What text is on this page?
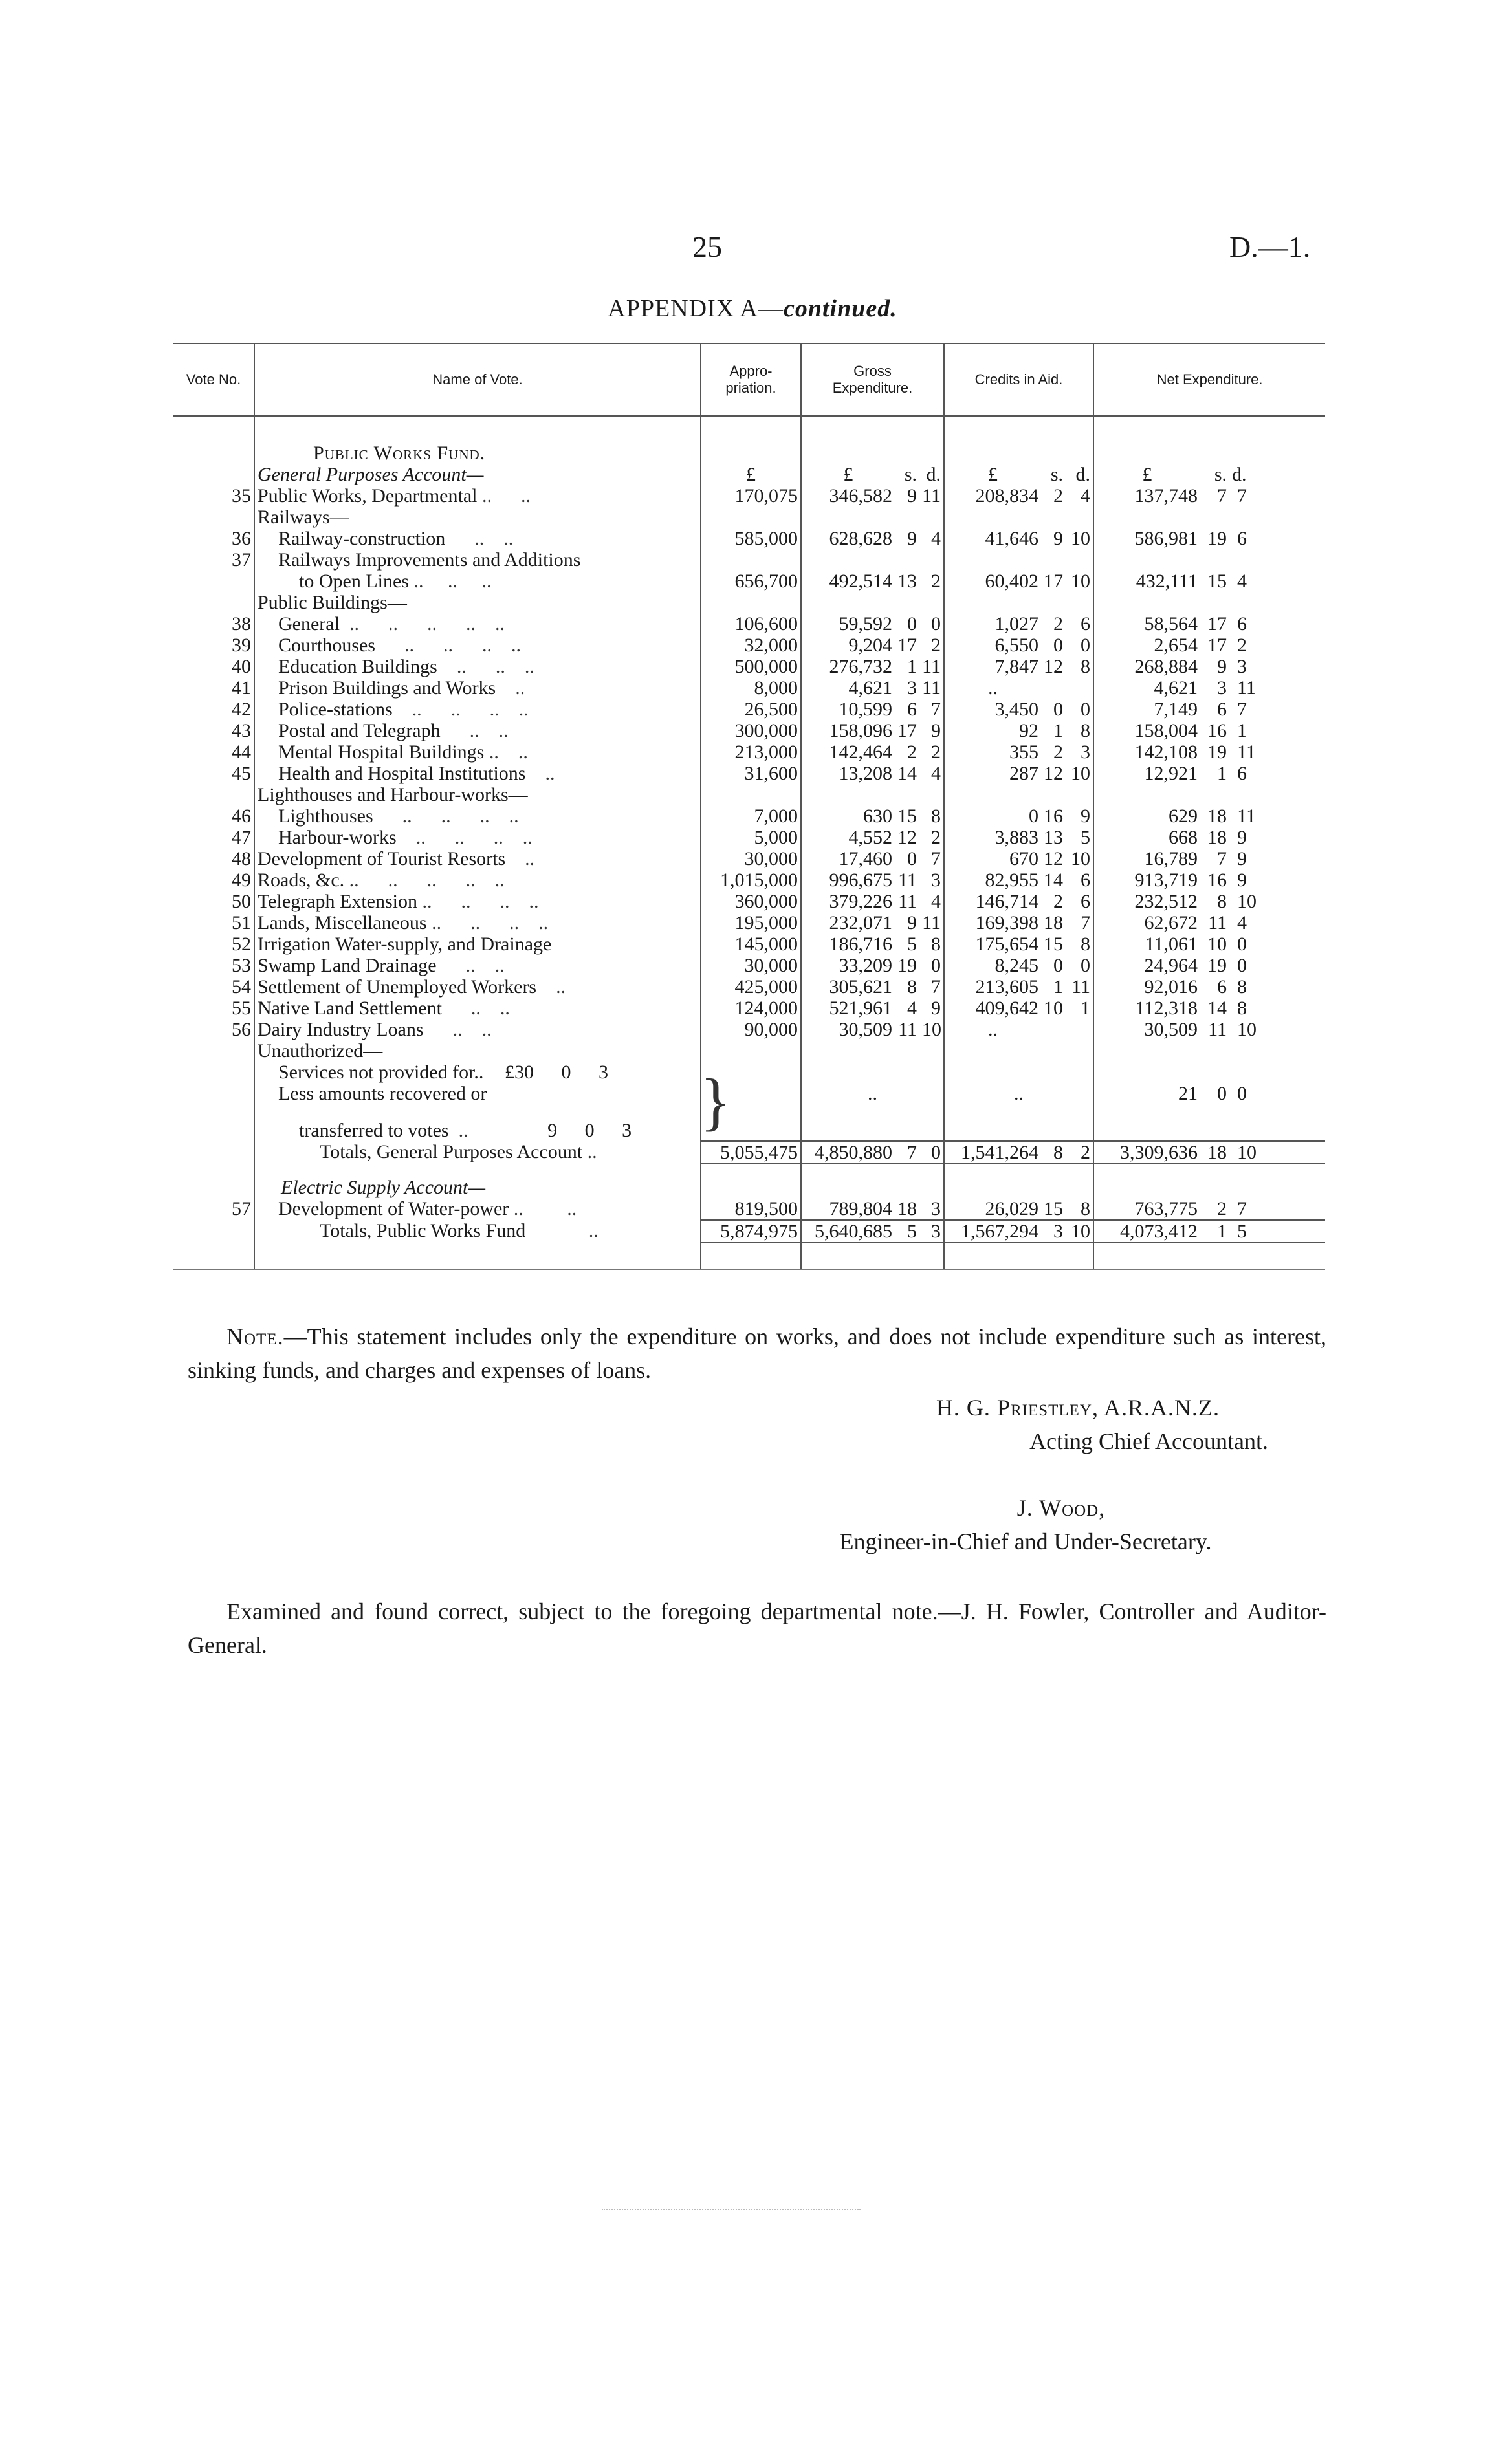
25	D.—1.
APPENDIX A—continued.
Vote No.	Name of Vote.	Appro-priation.	Gross Expenditure.			Credits in Aid.			Net Expenditure.		

	Public Works Fund.										
	General Purposes Account—	£	£	s.	d.	£	s.	d.	£	s.	d.
35	Public Works, Departmental ..      ..	170,075	346,582	9	11	208,834	2	4	137,748	7	7
	Railways—										
36	Railway-construction      ..    ..	585,000	628,628	9	4	41,646	9	10	586,981	19	6
37	Railways Improvements and Additions										
	to Open Lines ..     ..     ..	656,700	492,514	13	2	60,402	17	10	432,111	15	4
	Public Buildings—										
38	General  ..      ..      ..      ..    ..	106,600	59,592	0	0	1,027	2	6	58,564	17	6
39	Courthouses      ..      ..      ..    ..	32,000	9,204	17	2	6,550	0	0	2,654	17	2
40	Education Buildings    ..      ..    ..	500,000	276,732	1	11	7,847	12	8	268,884	9	3
41	Prison Buildings and Works    ..	8,000	4,621	3	11	..			4,621	3	11
42	Police-stations    ..      ..      ..    ..	26,500	10,599	6	7	3,450	0	0	7,149	6	7
43	Postal and Telegraph      ..    ..	300,000	158,096	17	9	92	1	8	158,004	16	1
44	Mental Hospital Buildings ..    ..	213,000	142,464	2	2	355	2	3	142,108	19	11
45	Health and Hospital Institutions    ..	31,600	13,208	14	4	287	12	10	12,921	1	6
	Lighthouses and Harbour-works—										
46	Lighthouses      ..      ..      ..    ..	7,000	630	15	8	0	16	9	629	18	11
47	Harbour-works    ..      ..      ..    ..	5,000	4,552	12	2	3,883	13	5	668	18	9
48	Development of Tourist Resorts    ..	30,000	17,460	0	7	670	12	10	16,789	7	9
49	Roads, &c. ..      ..      ..      ..    ..	1,015,000	996,675	11	3	82,955	14	6	913,719	16	9
50	Telegraph Extension ..      ..      ..    ..	360,000	379,226	11	4	146,714	2	6	232,512	8	10
51	Lands, Miscellaneous ..      ..      ..    ..	195,000	232,071	9	11	169,398	18	7	62,672	11	4
52	Irrigation Water-supply, and Drainage	145,000	186,716	5	8	175,654	15	8	11,061	10	0
53	Swamp Land Drainage      ..    ..	30,000	33,209	19	0	8,245	0	0	24,964	19	0
54	Settlement of Unemployed Workers    ..	425,000	305,621	8	7	213,605	1	11	92,016	6	8
55	Native Land Settlement      ..    ..	124,000	521,961	4	9	409,642	10	1	112,318	14	8
56	Dairy Industry Loans      ..    ..	90,000	30,509	11	10	..			30,509	11	10
	Unauthorized—										
	Services not provided for.. £30 0 3										
	Less amounts recovered or	}	..			..			21	0	0
	transferred to votes  .. 9 0 3										
	Totals, General Purposes Account ..	5,055,475	4,850,880	7	0	1,541,264	8	2	3,309,636	18	10

	Electric Supply Account—										
57	Development of Water-power ..         ..	819,500	789,804	18	3	26,029	15	8	763,775	2	7
	Totals, Public Works Fund             ..	5,874,975	5,640,685	5	3	1,567,294	3	10	4,073,412	1	5

Note.—This statement includes only the expenditure on works, and does not include expenditure such as interest, sinking funds, and charges and expenses of loans.
H. G. Priestley, A.R.A.N.Z.
Acting Chief Accountant.
J. Wood,
Engineer-in-Chief and Under-Secretary.
Examined and found correct, subject to the foregoing departmental note.—J. H. Fowler, Controller and Auditor-General.
